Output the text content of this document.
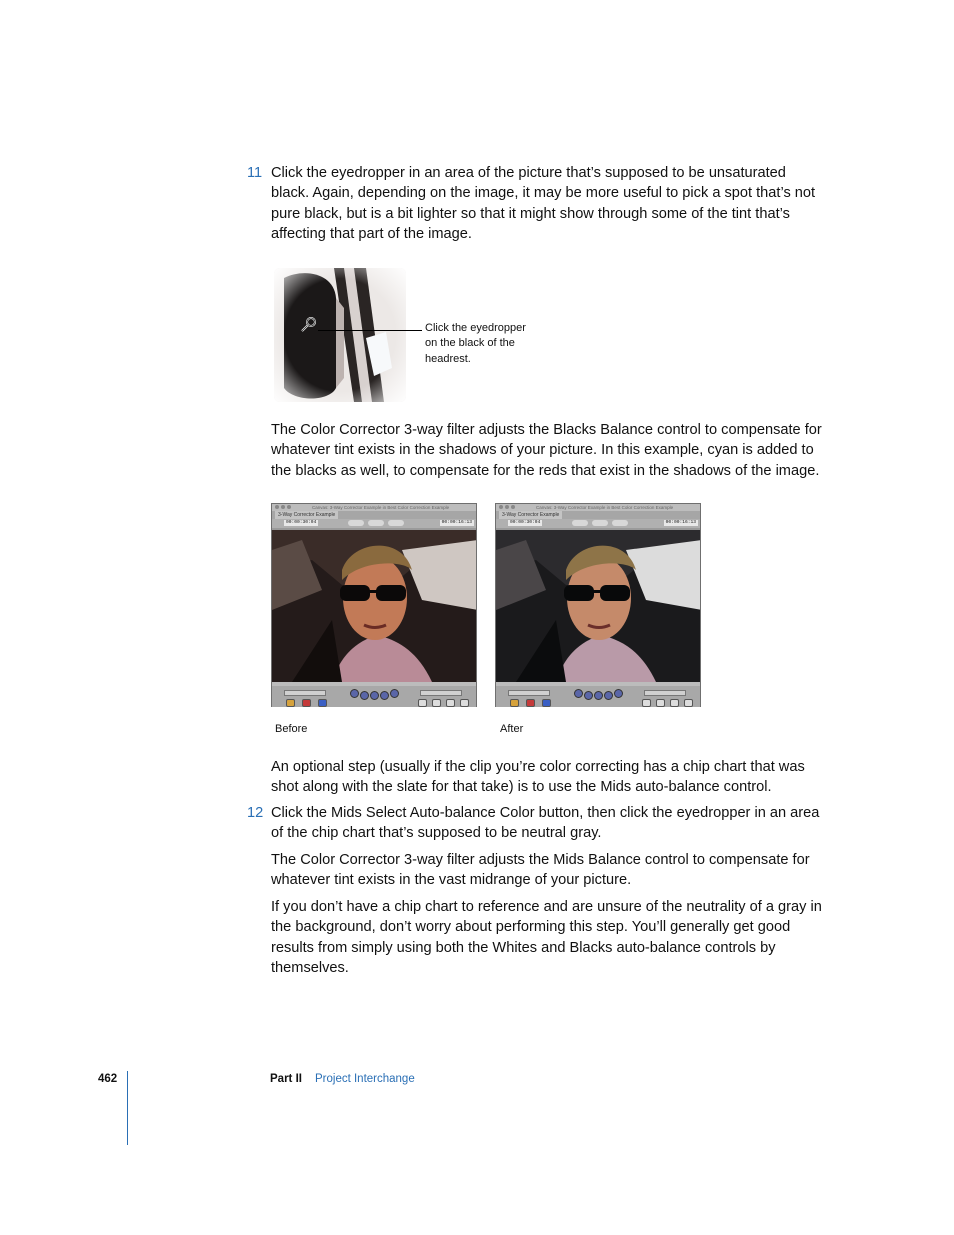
11 Click the eyedropper in an area of the picture that’s supposed to be unsaturated black. Again, depending on the image, it may be more useful to pick a spot that’s not pure black, but is a bit lighter so that it might show through some of the tint that’s affecting that part of the image.

Click the eyedropper on the black of the headrest.

The Color Corrector 3-way filter adjusts the Blacks Balance control to compensate for whatever tint exists in the shadows of your picture. In this example, cyan is added to the blacks as well, to compensate for the reds that exist in the shadows of the image.

Canvas: 3-Way Corrector Example in Best Color Correction Example
3-Way Corrector Example
00:00:30:04	00:00:16:13
Before
Canvas: 3-Way Corrector Example in Best Color Correction Example
3-Way Corrector Example
00:00:30:04	00:00:16:13
After

An optional step (usually if the clip you’re color correcting has a chip chart that was shot along with the slate for that take) is to use the Mids auto-balance control.

12 Click the Mids Select Auto-balance Color button, then click the eyedropper in an area of the chip chart that’s supposed to be neutral gray.

The Color Corrector 3-way filter adjusts the Mids Balance control to compensate for whatever tint exists in the vast midrange of your picture.

If you don’t have a chip chart to reference and are unsure of the neutrality of a gray in the background, don’t worry about performing this step. You’ll generally get good results from simply using both the Whites and Blacks auto-balance controls by themselves.

462	Part II Project Interchange
